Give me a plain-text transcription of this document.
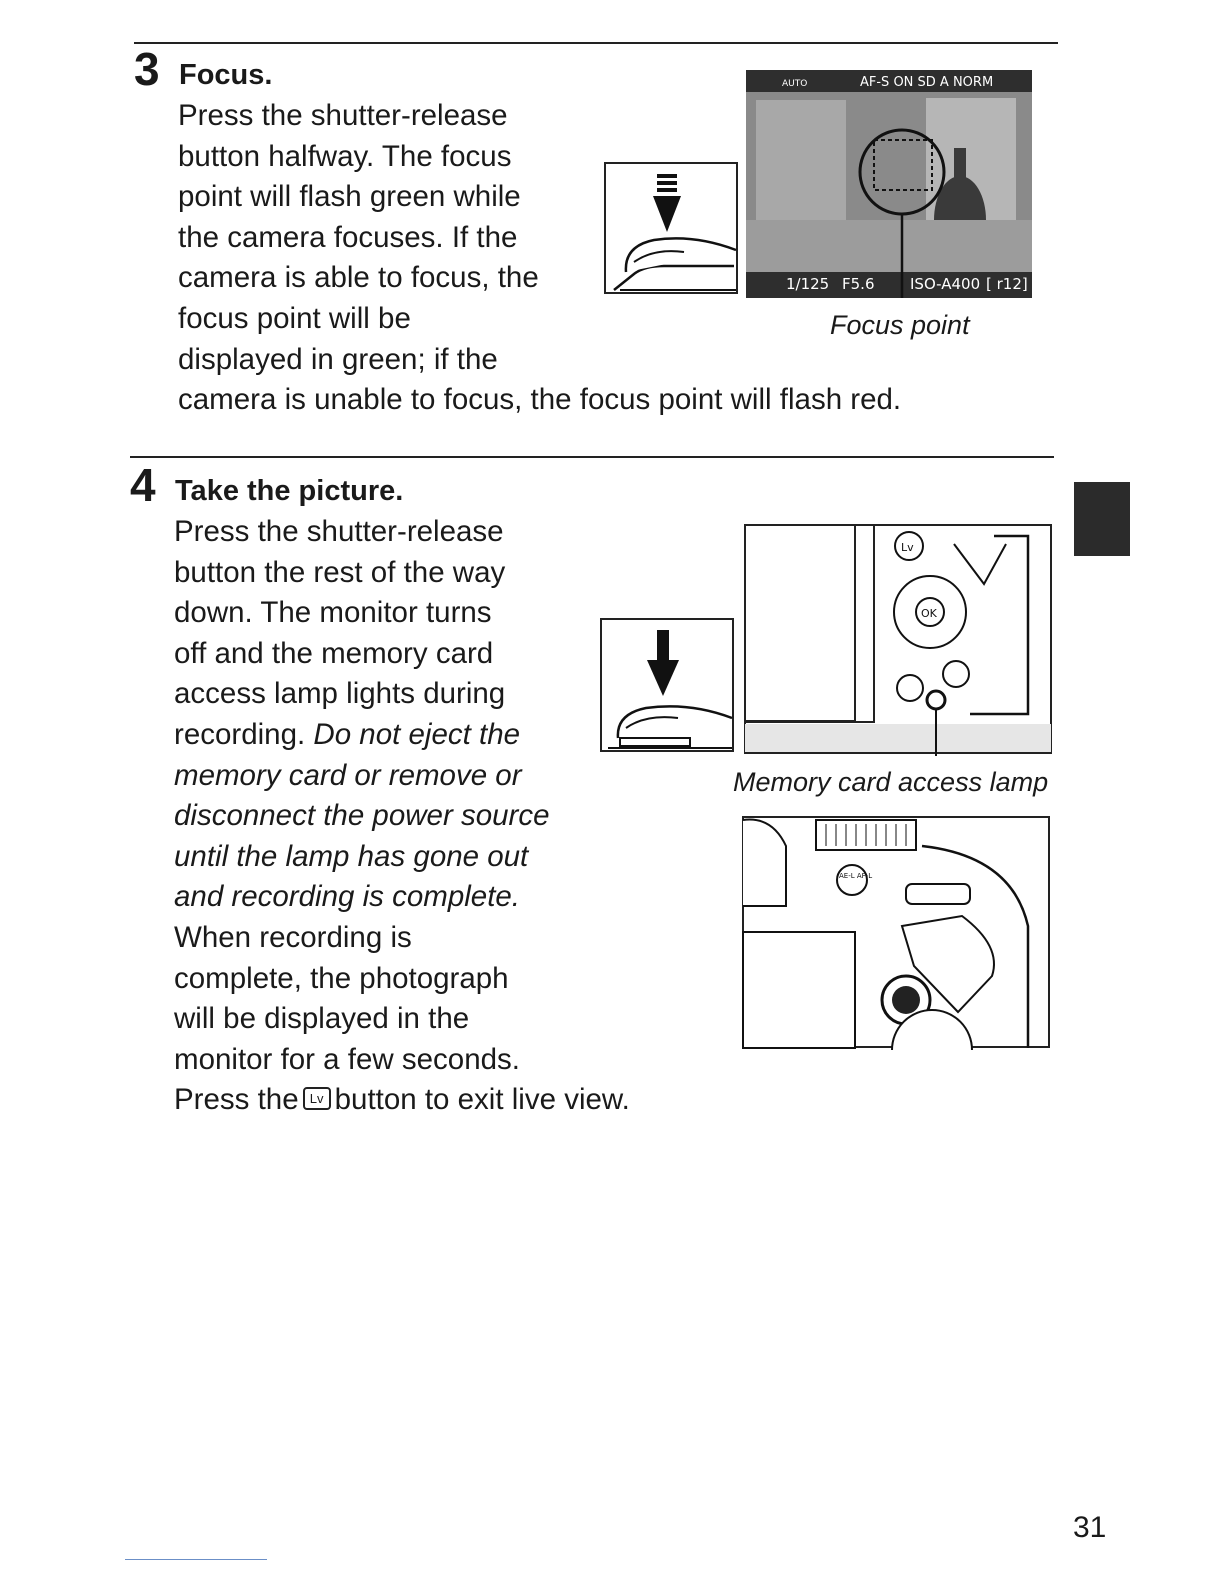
3 Focus.
Press the shutter-release
button halfway. The focus
point will flash green while
the camera focuses. If the
camera is able to focus, the
focus point will be
displayed in green; if the
camera is unable to focus, the focus point will flash red.
AUTO	AF-S ON SD A NORM
1/125 F5.6 ISO-A400 [ r12]
Focus point
4 Take the picture.
Press the shutter-release
button the rest of the way
down. The monitor turns
off and the memory card
access lamp lights during
recording. Do not eject the
memory card or remove or
disconnect the power source
until the lamp has gone out
and recording is complete.
When recording is
complete, the photograph
will be displayed in the
monitor for a few seconds.
Press the Lv button to exit live view.
Lv
OK
Memory card access lamp
AE-L AF-L
31
